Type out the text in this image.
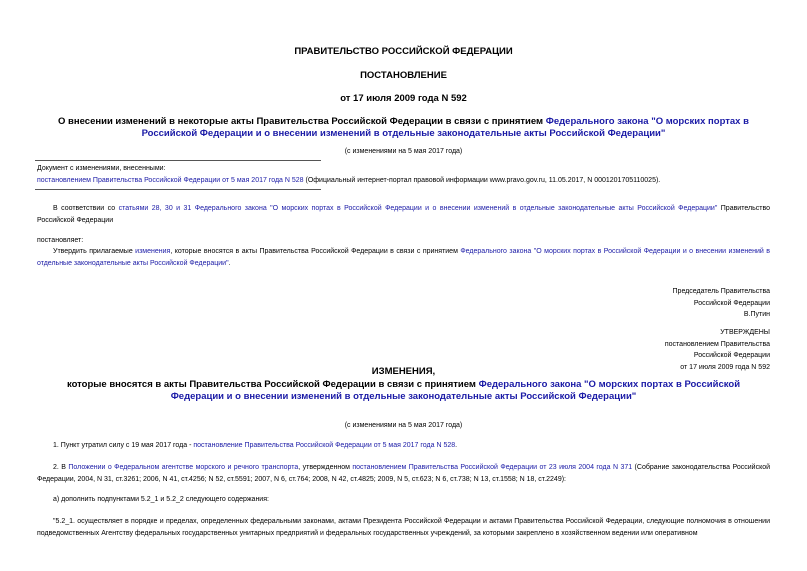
ПРАВИТЕЛЬСТВО РОССИЙСКОЙ ФЕДЕРАЦИИ
ПОСТАНОВЛЕНИЕ
от 17 июля 2009 года N 592
О внесении изменений в некоторые акты Правительства Российской Федерации в связи с принятием Федерального закона "О морских портах в Российской Федерации и о внесении изменений в отдельные законодательные акты Российской Федерации"
(с изменениями на 5 мая 2017 года)
Документ с изменениями, внесенными:
постановлением Правительства Российской Федерации от 5 мая 2017 года N 528 (Официальный интернет-портал правовой информации www.pravo.gov.ru, 11.05.2017, N 0001201705110025).
В соответствии со статьями 28, 30 и 31 Федерального закона "О морских портах в Российской Федерации и о внесении изменений в отдельные законодательные акты Российской Федерации" Правительство Российской Федерации
постановляет:
Утвердить прилагаемые изменения, которые вносятся в акты Правительства Российской Федерации в связи с принятием Федерального закона "О морских портах в Российской Федерации и о внесении изменений в отдельные законодательные акты Российской Федерации".
Председатель Правительства
Российской Федерации
В.Путин
УТВЕРЖДЕНЫ
постановлением Правительства
Российской Федерации
от 17 июля 2009 года N 592
ИЗМЕНЕНИЯ,
которые вносятся в акты Правительства Российской Федерации в связи с принятием Федерального закона "О морских портах в Российской Федерации и о внесении изменений в отдельные законодательные акты Российской Федерации"
(с изменениями на 5 мая 2017 года)
1. Пункт утратил силу с 19 мая 2017 года - постановление Правительства Российской Федерации от 5 мая 2017 года N 528.
2. В Положении о Федеральном агентстве морского и речного транспорта, утвержденном постановлением Правительства Российской Федерации от 23 июля 2004 года N 371 (Собрание законодательства Российской Федерации, 2004, N 31, ст.3261; 2006, N 41, ст.4256; N 52, ст.5591; 2007, N 6, ст.764; 2008, N 42, ст.4825; 2009, N 5, ст.623; N 6, ст.738; N 13, ст.1558; N 18, ст.2249):
а) дополнить подпунктами 5.2_1 и 5.2_2 следующего содержания:
"5.2_1. осуществляет в порядке и пределах, определенных федеральными законами, актами Президента Российской Федерации и актами Правительства Российской Федерации, следующие полномочия в отношении подведомственных Агентству федеральных государственных унитарных предприятий и федеральных государственных учреждений, за которыми закреплено в хозяйственном ведении или оперативном
